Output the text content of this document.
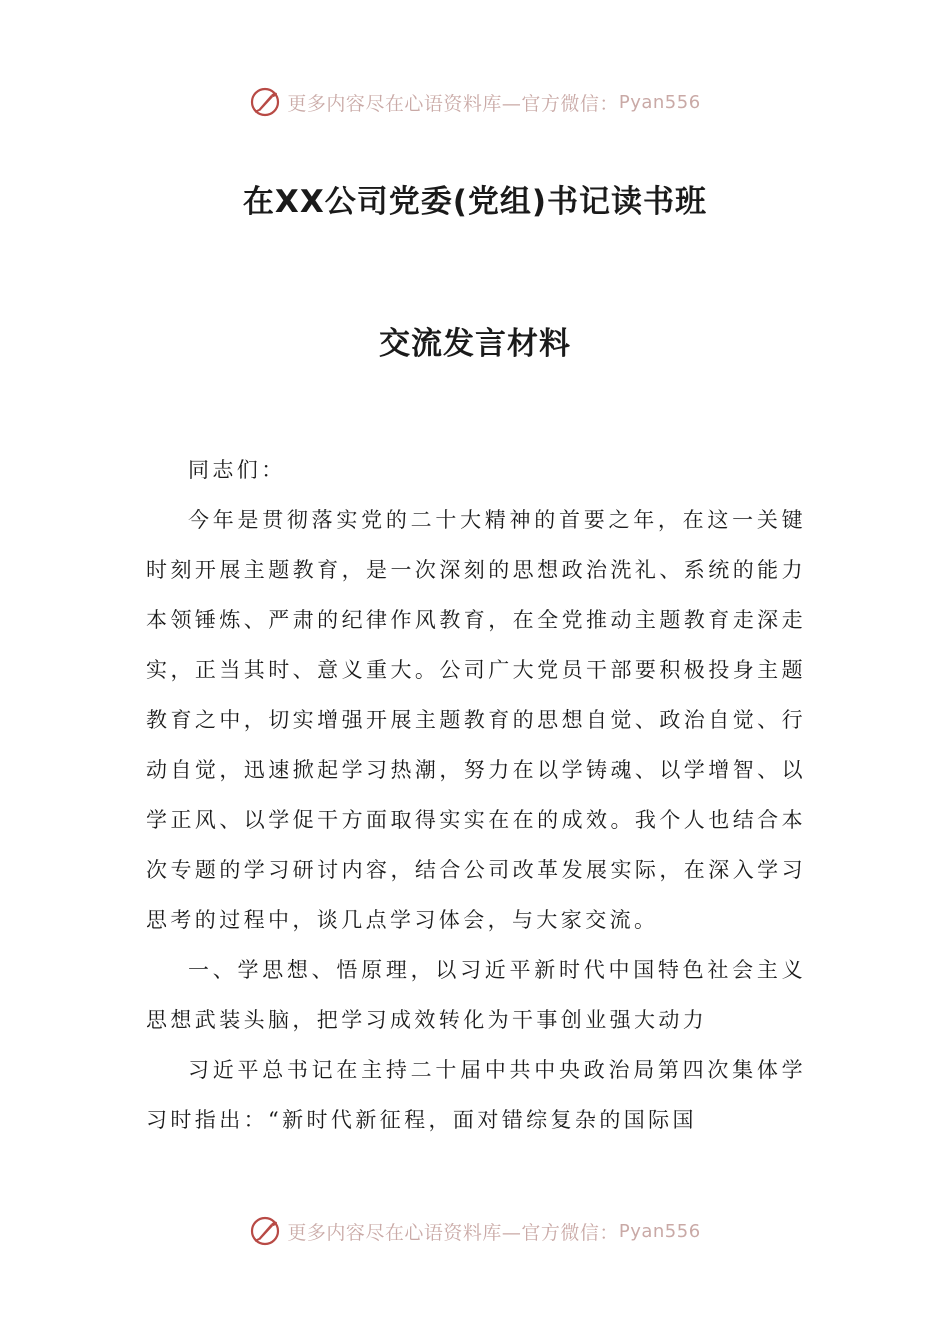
更多内容尽在心语资料库—官方微信： Pyan556
在XX公司党委(党组)书记读书班
交流发言材料

同志们：

今年是贯彻落实党的二十大精神的首要之年，在这一关键时刻开展主题教育，是一次深刻的思想政治洗礼、系统的能力本领锤炼、严肃的纪律作风教育，在全党推动主题教育走深走实，正当其时、意义重大。公司广大党员干部要积极投身主题教育之中，切实增强开展主题教育的思想自觉、政治自觉、行动自觉，迅速掀起学习热潮，努力在以学铸魂、以学增智、以学正风、以学促干方面取得实实在在的成效。我个人也结合本次专题的学习研讨内容，结合公司改革发展实际，在深入学习思考的过程中，谈几点学习体会，与大家交流。

一、学思想、悟原理，以习近平新时代中国特色社会主义思想武装头脑，把学习成效转化为干事创业强大动力

习近平总书记在主持二十届中共中央政治局第四次集体学习时指出：“新时代新征程，面对错综复杂的国际国

更多内容尽在心语资料库—官方微信： Pyan556
